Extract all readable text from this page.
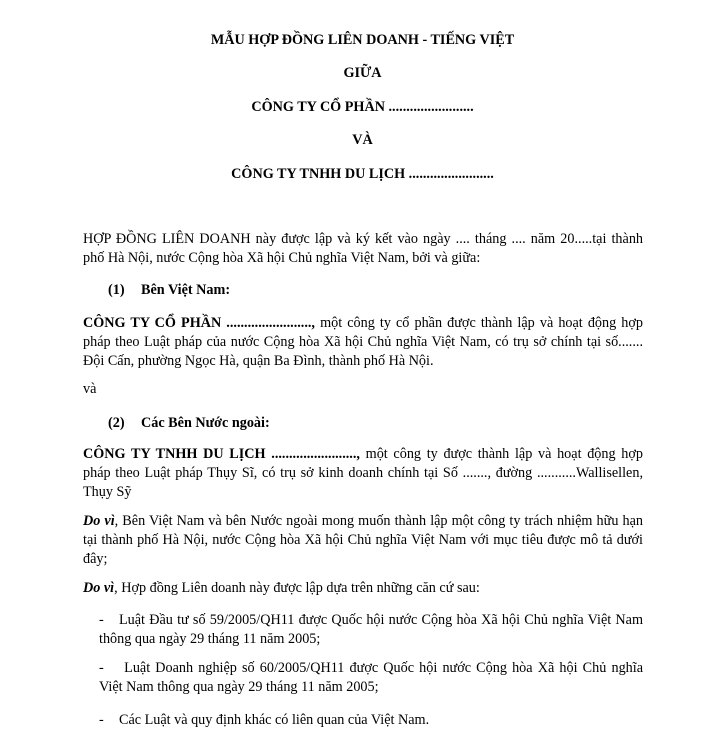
MẪU HỢP ĐỒNG LIÊN DOANH - TIẾNG VIỆT
GIỮA
CÔNG TY CỔ PHẦN ........................
VÀ
CÔNG TY TNHH DU LỊCH ........................
HỢP ĐỒNG LIÊN DOANH này được lập và ký kết vào ngày .... tháng .... năm 20.....tại thành
phố Hà Nội, nước Cộng hòa Xã hội Chủ nghĩa Việt Nam, bởi và giữa:
(1) Bên Việt Nam:
CÔNG TY CỔ PHẦN ........................, một công ty cổ phần được thành lập và hoạt động hợp
pháp theo Luật pháp của nước Cộng hòa Xã hội Chủ nghĩa Việt Nam, có trụ sở chính tại số.......
Đội Cấn, phường Ngọc Hà, quận Ba Đình, thành phố Hà Nội.
và
(2) Các Bên Nước ngoài:
CÔNG TY TNHH DU LỊCH ........................, một công ty được thành lập và hoạt động hợp
pháp theo Luật pháp Thụy Sĩ, có trụ sở kinh doanh chính tại Số ......., đường ...........Wallisellen,
Thụy Sỹ
Do vì, Bên Việt Nam và bên Nước ngoài mong muốn thành lập một công ty trách nhiệm hữu hạn
tại thành phố Hà Nội, nước Cộng hòa Xã hội Chủ nghĩa Việt Nam với mục tiêu được mô tả dưới
đây;
Do vì, Hợp đồng Liên doanh này được lập dựa trên những căn cứ sau:
- Luật Đầu tư số 59/2005/QH11 được Quốc hội nước Cộng hòa Xã hội Chủ nghĩa Việt Nam
thông qua ngày 29 tháng 11 năm 2005;
- Luật Doanh nghiệp số 60/2005/QH11 được Quốc hội nước Cộng hòa Xã hội Chủ nghĩa
Việt Nam thông qua ngày 29 tháng 11 năm 2005;
- Các Luật và quy định khác có liên quan của Việt Nam.
